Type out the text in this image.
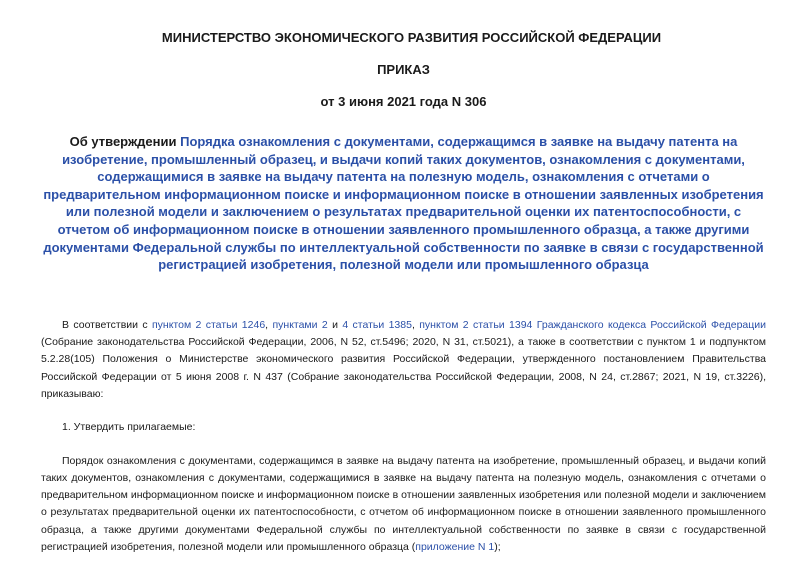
МИНИСТЕРСТВО ЭКОНОМИЧЕСКОГО РАЗВИТИЯ РОССИЙСКОЙ ФЕДЕРАЦИИ

ПРИКАЗ

от 3 июня 2021 года N 306

Об утверждении Порядка ознакомления с документами, содержащимся в заявке на выдачу патента на изобретение, промышленный образец, и выдачи копий таких документов, ознакомления с документами, содержащимися в заявке на выдачу патента на полезную модель, ознакомления с отчетами о предварительном информационном поиске и информационном поиске в отношении заявленных изобретения или полезной модели и заключением о результатах предварительной оценки их патентоспособности, с отчетом об информационном поиске в отношении заявленного промышленного образца, а также другими документами Федеральной службы по интеллектуальной собственности по заявке в связи с государственной регистрацией изобретения, полезной модели или промышленного образца

В соответствии с пунктом 2 статьи 1246, пунктами 2 и 4 статьи 1385, пунктом 2 статьи 1394 Гражданского кодекса Российской Федерации (Собрание законодательства Российской Федерации, 2006, N 52, ст.5496; 2020, N 31, ст.5021), а также в соответствии с пунктом 1 и подпунктом 5.2.28(105) Положения о Министерстве экономического развития Российской Федерации, утвержденного постановлением Правительства Российской Федерации от 5 июня 2008 г. N 437 (Собрание законодательства Российской Федерации, 2008, N 24, ст.2867; 2021, N 19, ст.3226), приказываю:

1. Утвердить прилагаемые:

Порядок ознакомления с документами, содержащимся в заявке на выдачу патента на изобретение, промышленный образец, и выдачи копий таких документов, ознакомления с документами, содержащимися в заявке на выдачу патента на полезную модель, ознакомления с отчетами о предварительном информационном поиске и информационном поиске в отношении заявленных изобретения или полезной модели и заключением о результатах предварительной оценки их патентоспособности, с отчетом об информационном поиске в отношении заявленного промышленного образца, а также другими документами Федеральной службы по интеллектуальной собственности по заявке в связи с государственной регистрацией изобретения, полезной модели или промышленного образца (приложение N 1);
